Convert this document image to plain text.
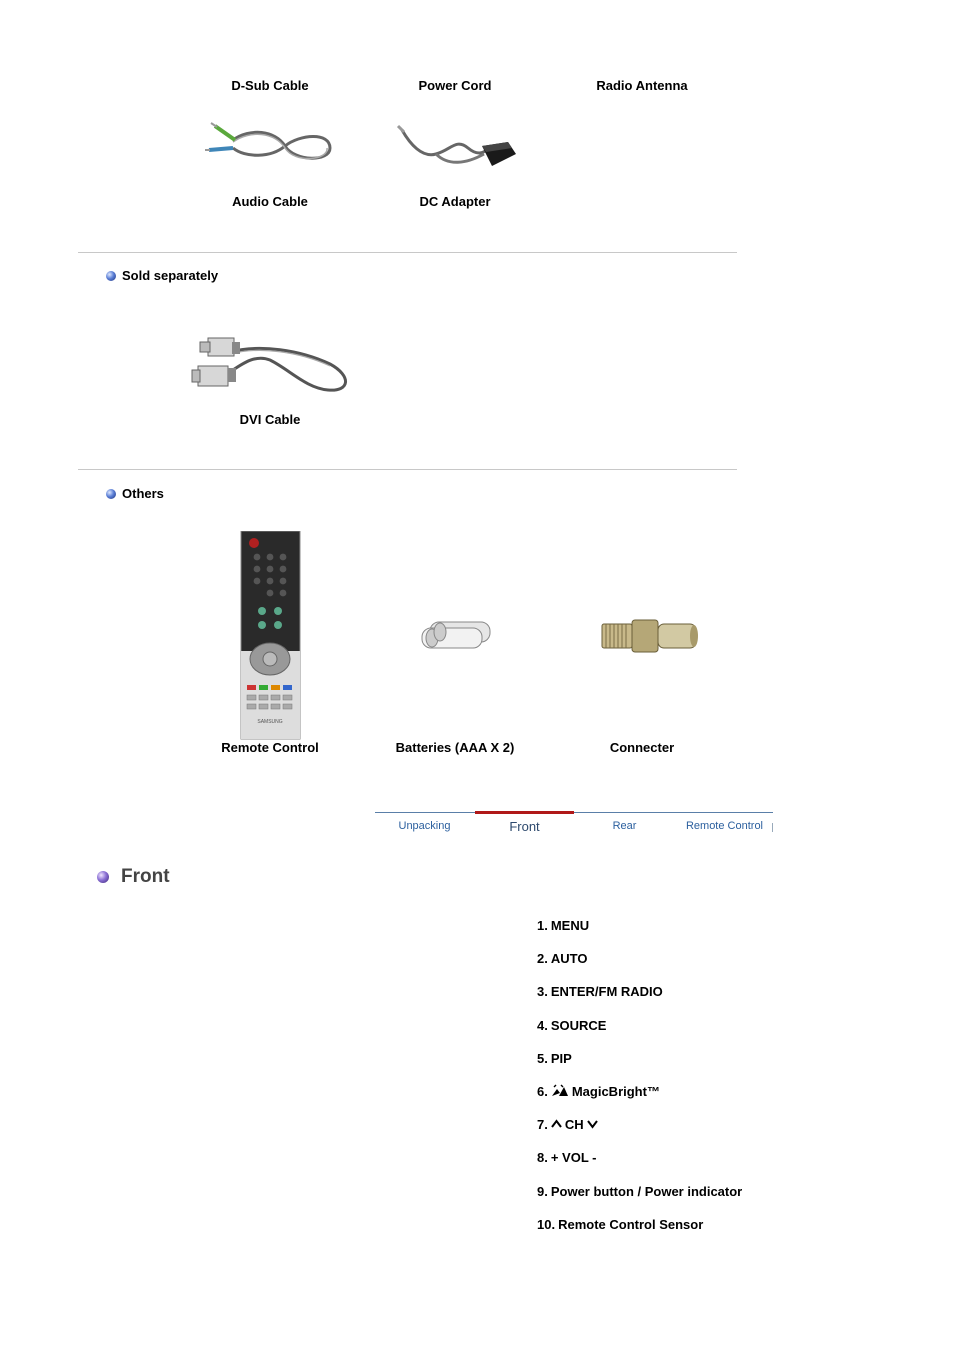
D-Sub Cable	Power Cord	Radio Antenna
Audio Cable	DC Adapter
Sold separately
DVI Cable
Others
SAMSUNG
Remote Control	Batteries (AAA X 2)	Connecter
Unpacking	Front	Rear	Remote Control
Front
1. MENU
2. AUTO
3. ENTER/FM RADIO
4. SOURCE
5. PIP
6. MagicBright™
7. CH
8. + VOL -
9. Power button / Power indicator
10. Remote Control Sensor
